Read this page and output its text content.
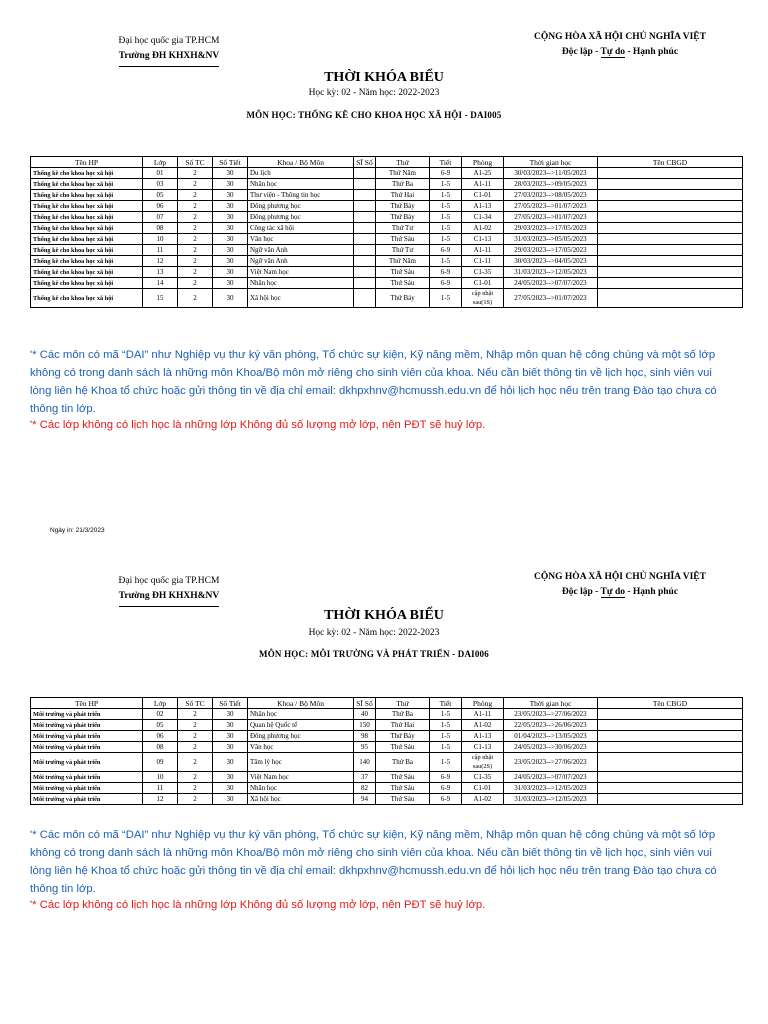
Đại học quốc gia TP.HCM
Trường ĐH KHXH&NV
CỘNG HÒA XÃ HỘI CHỦ NGHĨA VIỆT
Độc lập - Tự do - Hạnh phúc
THỜI KHÓA BIỂU
Học kỳ: 02 - Năm học: 2022-2023
MÔN HỌC: THỐNG KÊ CHO KHOA HỌC XÃ HỘI - DAI005
Tên HP	Lớp	Số TC	Số Tiết	Khoa / Bộ Môn	SĨ Số	Thứ	Tiết	Phòng	Thời gian học	Tên CBGD
Thống kê cho khoa học xã hội	01	2	30	Du lịch		Thứ Năm	6-9	A1-25	30/03/2023-->11/05/2023	
Thống kê cho khoa học xã hội	03	2	30	Nhân học		Thứ Ba	1-5	A1-11	28/03/2023-->09/05/2023	
Thống kê cho khoa học xã hội	05	2	30	Thư viện - Thông tin học		Thứ Hai	1-5	C1-01	27/03/2023-->08/05/2023	
Thống kê cho khoa học xã hội	06	2	30	Đông phương học		Thứ Bảy	1-5	A1-13	27/05/2023-->01/07/2023	
Thống kê cho khoa học xã hội	07	2	30	Đông phương học		Thứ Bảy	1-5	C1-34	27/05/2023-->01/07/2023	
Thống kê cho khoa học xã hội	08	2	30	Công tác xã hội		Thứ Tư	1-5	A1-02	29/03/2023-->17/05/2023	
Thống kê cho khoa học xã hội	10	2	30	Văn học		Thứ Sáu	1-5	C1-13	31/03/2023-->05/05/2023	
Thống kê cho khoa học xã hội	11	2	30	Ngữ văn Anh		Thứ Tư	6-9	A1-11	29/03/2023-->17/05/2023	
Thống kê cho khoa học xã hội	12	2	30	Ngữ văn Anh		Thứ Năm	1-5	C1-11	30/03/2023-->04/05/2023	
Thống kê cho khoa học xã hội	13	2	30	Việt Nam học		Thứ Sáu	6-9	C1-35	31/03/2023-->12/05/2023	
Thống kê cho khoa học xã hội	14	2	30	Nhân học		Thứ Sáu	6-9	C1-01	24/05/2023-->07/07/2023	
Thống kê cho khoa học xã hội	15	2	30	Xã hội học		Thứ Bảy	1-5	cập nhật sau(1S)	27/05/2023-->01/07/2023	
'* Các môn có mã “DAI” như Nghiệp vụ thư ký văn phòng, Tổ chức sự kiện, Kỹ năng mềm, Nhập môn quan hệ công chúng và một số lớp không có trong danh sách là những môn Khoa/Bộ môn mở riêng cho sinh viên của khoa. Nếu cần biết thông tin về lịch học, sinh viên vui lòng liên hệ Khoa tổ chức hoặc gửi thông tin về địa chỉ email: dkhpxhnv@hcmussh.edu.vn để hỏi lịch học nếu trên trang Đào tạo chưa có thông tin lớp.
'* Các lớp không có lịch học là những lớp Không đủ số lượng mở lớp, nên PĐT sẽ huỷ lớp.
Ngày in: 21/3/2023
Đại học quốc gia TP.HCM
Trường ĐH KHXH&NV
CỘNG HÒA XÃ HỘI CHỦ NGHĨA VIỆT
Độc lập - Tự do - Hạnh phúc
THỜI KHÓA BIỂU
Học kỳ: 02 - Năm học: 2022-2023
MÔN HỌC: MÔI TRƯỜNG VÀ PHÁT TRIỂN - DAI006
Tên HP	Lớp	Số TC	Số Tiết	Khoa / Bộ Môn	SĨ Số	Thứ	Tiết	Phòng	Thời gian học	Tên CBGD
Môi trường và phát triển	02	2	30	Nhân học	40	Thứ Ba	1-5	A1-11	23/05/2023-->27/06/2023	
Môi trường và phát triển	05	2	30	Quan hệ Quốc tế	150	Thứ Hai	1-5	A1-02	22/05/2023-->26/06/2023	
Môi trường và phát triển	06	2	30	Đông phương học	98	Thứ Bảy	1-5	A1-13	01/04/2023-->13/05/2023	
Môi trường và phát triển	08	2	30	Văn học	95	Thứ Sáu	1-5	C1-13	24/05/2023-->30/06/2023	
Môi trường và phát triển	09	2	30	Tâm lý học	140	Thứ Ba	1-5	cập nhật sau(2S)	23/05/2023-->27/06/2023	
Môi trường và phát triển	10	2	30	Việt Nam học	37	Thứ Sáu	6-9	C1-35	24/05/2023-->07/07/2023	
Môi trường và phát triển	11	2	30	Nhân học	82	Thứ Sáu	6-9	C1-01	31/03/2023-->12/05/2023	
Môi trường và phát triển	12	2	30	Xã hội học	94	Thứ Sáu	6-9	A1-02	31/03/2023-->12/05/2023	
'* Các môn có mã “DAI” như Nghiệp vụ thư ký văn phòng, Tổ chức sự kiện, Kỹ năng mềm, Nhập môn quan hệ công chúng và một số lớp không có trong danh sách là những môn Khoa/Bộ môn mở riêng cho sinh viên của khoa. Nếu cần biết thông tin về lịch học, sinh viên vui lòng liên hệ Khoa tổ chức hoặc gửi thông tin về địa chỉ email: dkhpxhnv@hcmussh.edu.vn để hỏi lịch học nếu trên trang Đào tạo chưa có thông tin lớp.
'* Các lớp không có lịch học là những lớp Không đủ số lượng mở lớp, nên PĐT sẽ huỷ lớp.
